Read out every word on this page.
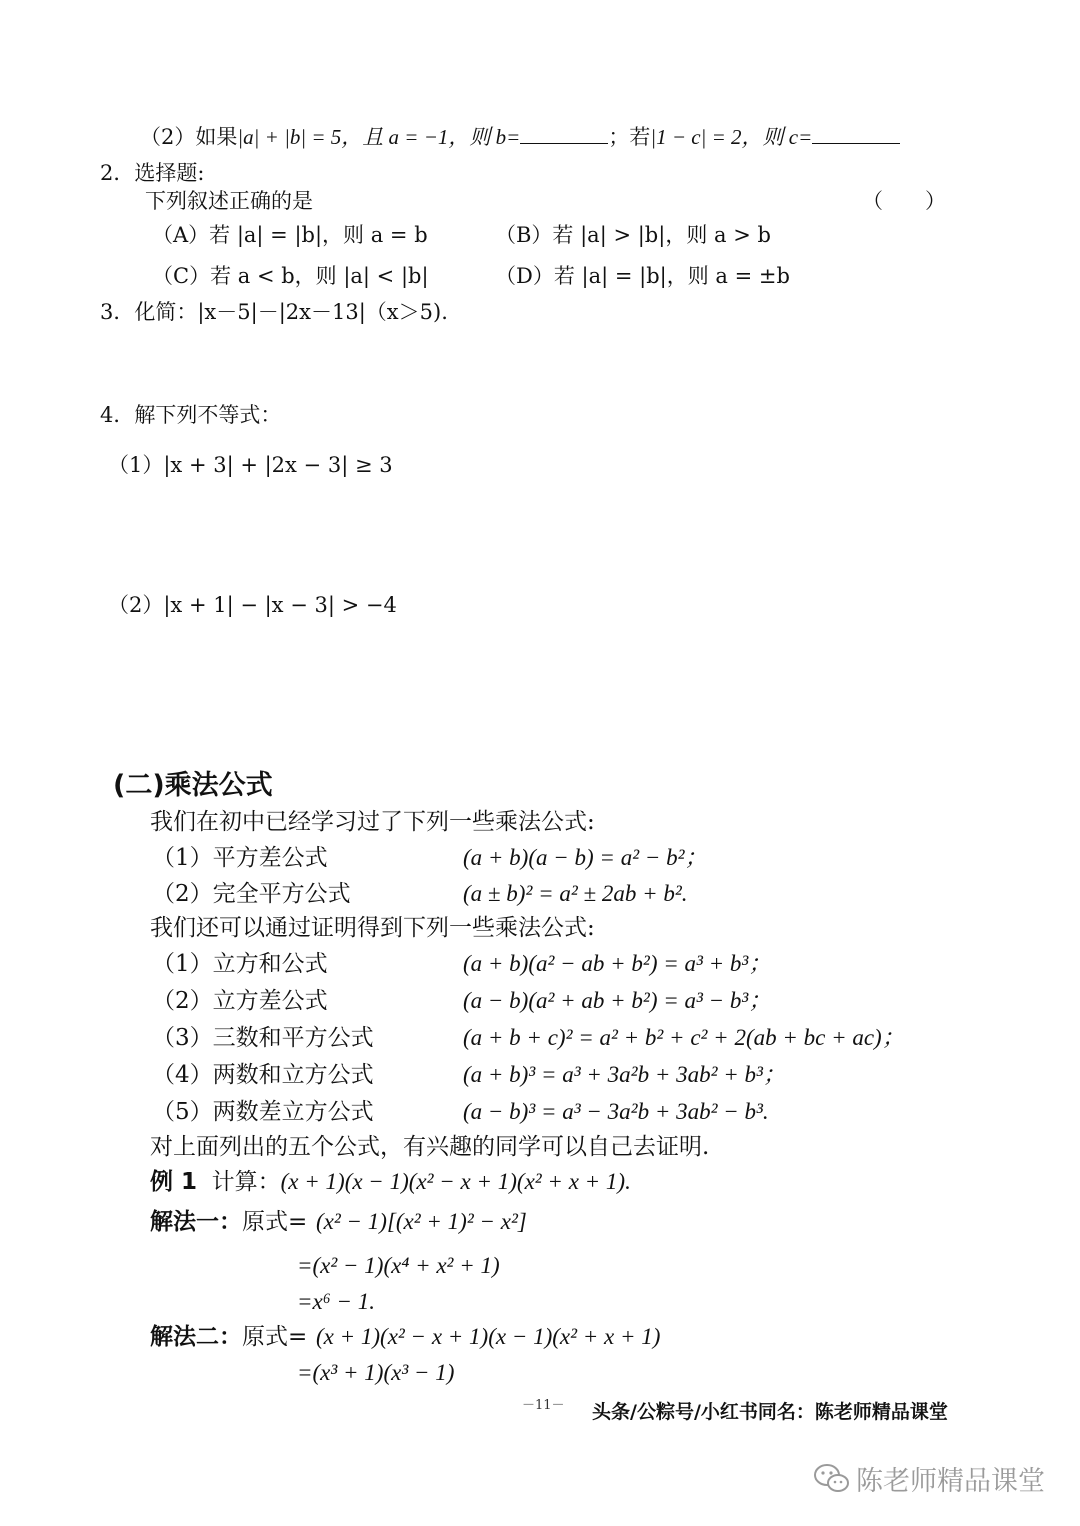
（2）如果|a| + |b| = 5，且 a = −1，则 b=	；若|1 − c| = 2，则 c=
2．选择题:
下列叙述正确的是	（　　）
（A）若 |a| = |b|，则 a = b	（B）若 |a| > |b|，则 a > b
（C）若 a < b，则 |a| < |b|	（D）若 |a| = |b|，则 a = ±b
3．化简：|x－5|－|2x－13|（x＞5).
4．解下列不等式：
（1）|x + 3| + |2x − 3| ≥ 3
（2）|x + 1| − |x − 3| > −4
(二)乘法公式
我们在初中已经学习过了下列一些乘法公式:
（1）平方差公式	(a + b)(a − b) = a² − b²；
（2）完全平方公式	(a ± b)² = a² ± 2ab + b².
我们还可以通过证明得到下列一些乘法公式:
（1）立方和公式	(a + b)(a² − ab + b²) = a³ + b³；
（2）立方差公式	(a − b)(a² + ab + b²) = a³ − b³；
（3）三数和平方公式	(a + b + c)² = a² + b² + c² + 2(ab + bc + ac)；
（4）两数和立方公式	(a + b)³ = a³ + 3a²b + 3ab² + b³；
（5）两数差立方公式	(a − b)³ = a³ − 3a²b + 3ab² − b³.
对上面列出的五个公式，有兴趣的同学可以自己去证明.
例 1 计算：(x + 1)(x − 1)(x² − x + 1)(x² + x + 1).
解法一：原式= (x² − 1)[(x² + 1)² − x²]
=(x² − 1)(x⁴ + x² + 1)
=x⁶ − 1.
解法二：原式= (x + 1)(x² − x + 1)(x − 1)(x² + x + 1)
=(x³ + 1)(x³ − 1)
－11－ 头条/公粽号/小红书同名：陈老师精品课堂
陈老师精品课堂
